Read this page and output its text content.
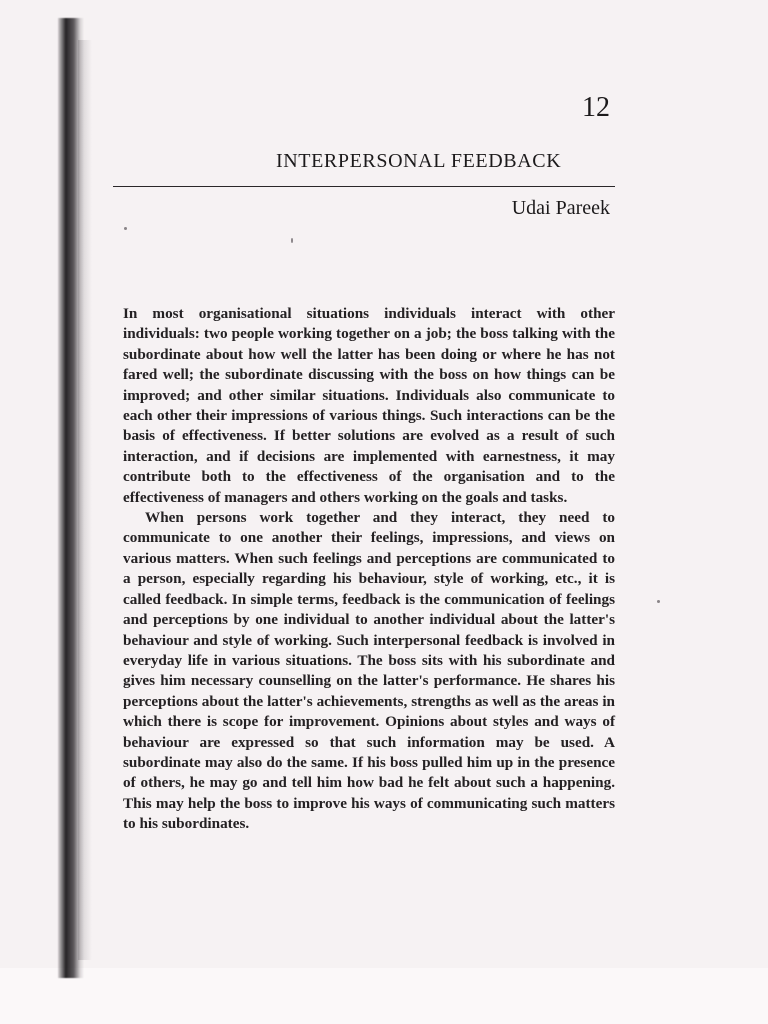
12
INTERPERSONAL FEEDBACK
Udai Pareek

In most organisational situations individuals interact with other individuals: two people working together on a job; the boss talking with the subordinate about how well the latter has been doing or where he has not fared well; the subordinate discussing with the boss on how things can be improved; and other similar situations. Individuals also communicate to each other their impressions of various things. Such interactions can be the basis of effectiveness. If better solutions are evolved as a result of such interaction, and if decisions are implemented with earnestness, it may contribute both to the effectiveness of the organisation and to the effectiveness of managers and others working on the goals and tasks.

When persons work together and they interact, they need to communicate to one another their feelings, impressions, and views on various matters. When such feelings and perceptions are communicated to a person, especially regarding his behaviour, style of working, etc., it is called feedback. In simple terms, feedback is the communication of feelings and perceptions by one individual to another individual about the latter's behaviour and style of working. Such interpersonal feedback is involved in everyday life in various situations. The boss sits with his subordinate and gives him necessary counselling on the latter's performance. He shares his perceptions about the latter's achievements, strengths as well as the areas in which there is scope for improvement. Opinions about styles and ways of behaviour are expressed so that such information may be used. A subordinate may also do the same. If his boss pulled him up in the presence of others, he may go and tell him how bad he felt about such a happening. This may help the boss to improve his ways of communicating such matters to his subordinates.
